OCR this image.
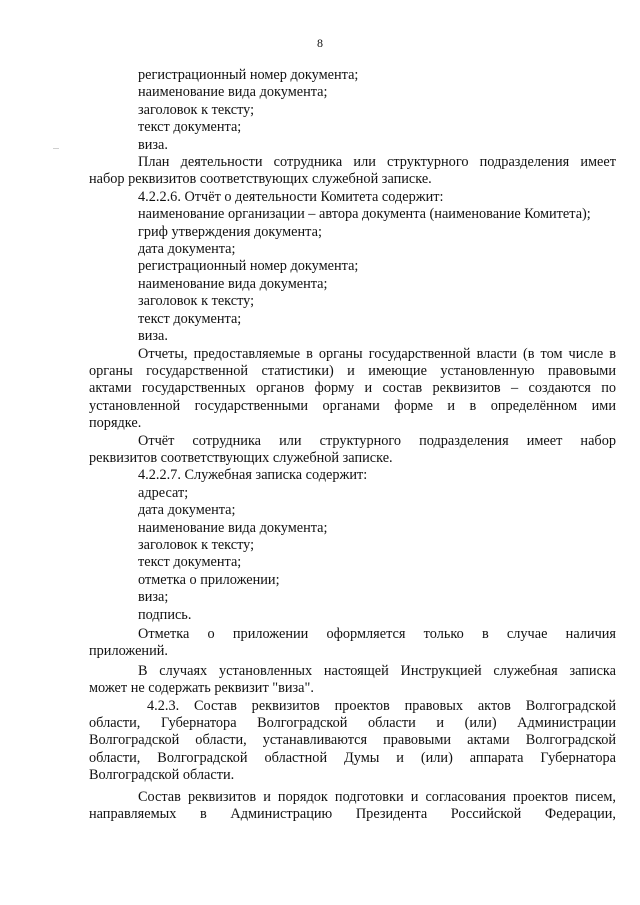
8
регистрационный номер документа;
наименование вида документа;
заголовок к тексту;
текст документа;
виза.
План деятельности сотрудника или структурного подразделения имеет
набор реквизитов соответствующих служебной записке.
4.2.2.6. Отчёт о деятельности Комитета содержит:
наименование организации – автора документа (наименование Комитета);
гриф утверждения документа;
дата документа;
регистрационный номер документа;
наименование вида документа;
заголовок к тексту;
текст документа;
виза.
Отчеты, предоставляемые в органы государственной власти (в том числе в
органы государственной статистики) и имеющие установленную правовыми
актами государственных органов форму и состав реквизитов – создаются по
установленной государственными органами форме и в определённом ими
порядке.
Отчёт сотрудника или структурного подразделения имеет набор
реквизитов соответствующих служебной записке.
4.2.2.7. Служебная записка содержит:
адресат;
дата документа;
наименование вида документа;
заголовок к тексту;
текст документа;
отметка о приложении;
виза;
подпись.
Отметка о приложении оформляется только в случае наличия
приложений.
В случаях установленных настоящей Инструкцией служебная записка
может не содержать реквизит "виза".
4.2.3. Состав реквизитов проектов правовых актов Волгоградской
области, Губернатора Волгоградской области и (или) Администрации
Волгоградской области, устанавливаются правовыми актами Волгоградской
области, Волгоградской областной Думы и (или) аппарата Губернатора
Волгоградской области.
Состав реквизитов и порядок подготовки и согласования проектов писем,
направляемых в Администрацию Президента Российской Федерации,
